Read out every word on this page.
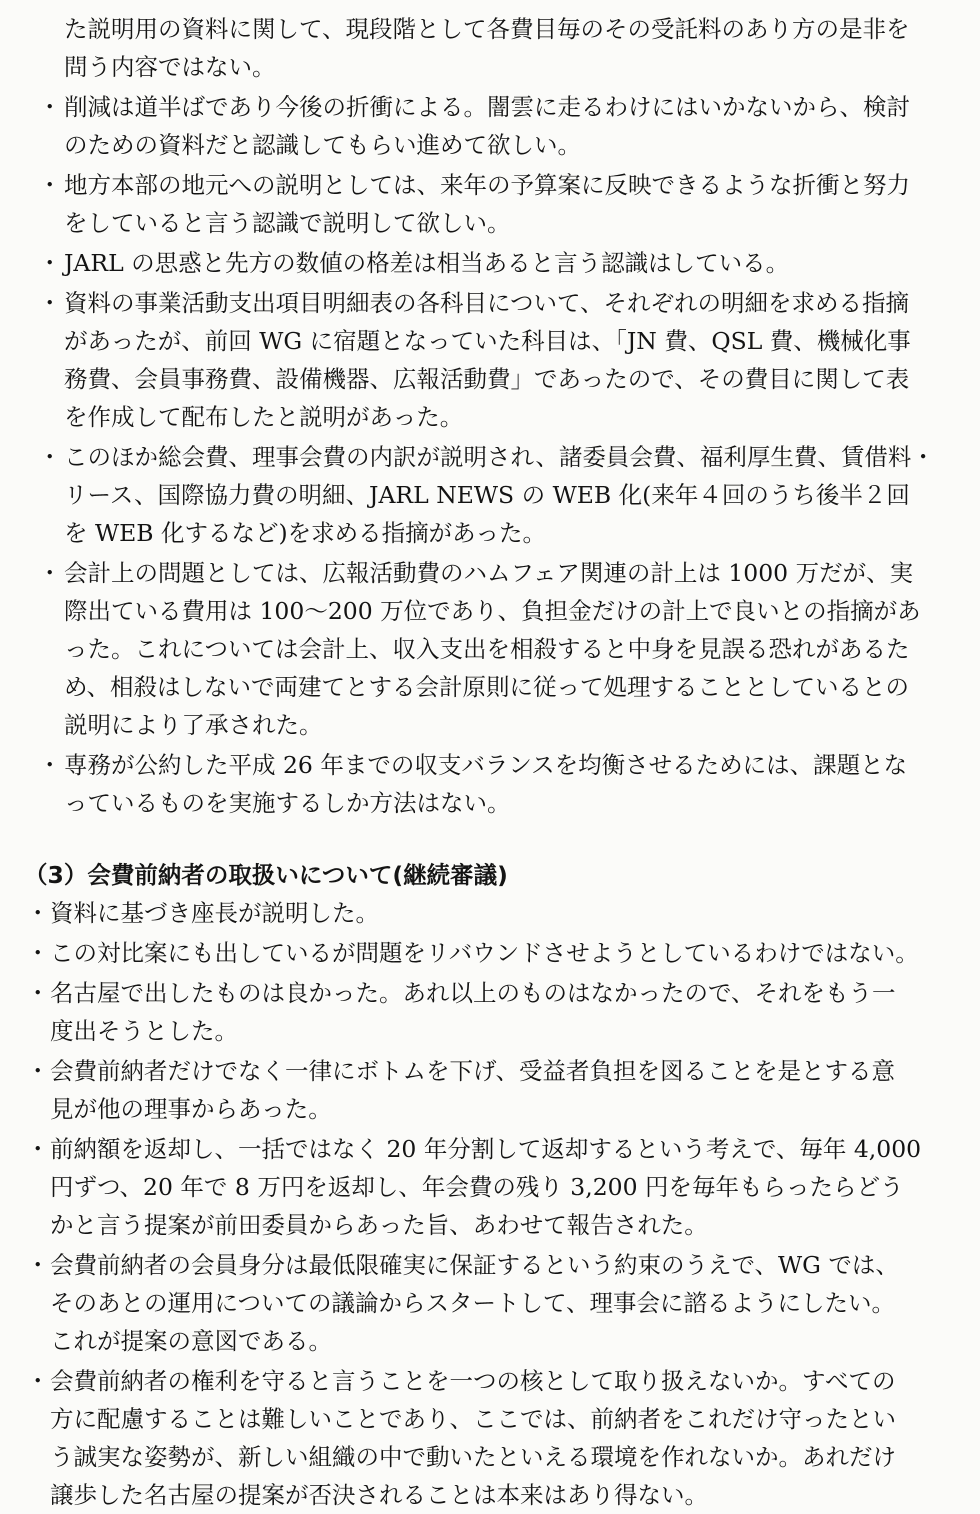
た説明用の資料に関して、現段階として各費目毎のその受託料のあり方の是非を
問う内容ではない。

・ 削減は道半ばであり今後の折衝による。闇雲に走るわけにはいかないから、検討
のための資料だと認識してもらい進めて欲しい。
・ 地方本部の地元への説明としては、来年の予算案に反映できるような折衝と努力
をしていると言う認識で説明して欲しい。
・ JARL の思惑と先方の数値の格差は相当あると言う認識はしている。
・ 資料の事業活動支出項目明細表の各科目について、それぞれの明細を求める指摘
があったが、前回 WG に宿題となっていた科目は、「JN 費、QSL 費、機械化事
務費、会員事務費、設備機器、広報活動費」であったので、その費目に関して表
を作成して配布したと説明があった。
・ このほか総会費、理事会費の内訳が説明され、諸委員会費、福利厚生費、賃借料・
リース、国際協力費の明細、JARL NEWS の WEB 化(来年４回のうち後半２回
を WEB 化するなど)を求める指摘があった。
・ 会計上の問題としては、広報活動費のハムフェア関連の計上は 1000 万だが、実
際出ている費用は 100～200 万位であり、負担金だけの計上で良いとの指摘があ
った。これについては会計上、収入支出を相殺すると中身を見誤る恐れがあるた
め、相殺はしないで両建てとする会計原則に従って処理することとしているとの
説明により了承された。
・ 専務が公約した平成 26 年までの収支バランスを均衡させるためには、課題とな
っているものを実施するしか方法はない。
（3）会費前納者の取扱いについて(継続審議)
・ 資料に基づき座長が説明した。
・ この対比案にも出しているが問題をリバウンドさせようとしているわけではない。
・ 名古屋で出したものは良かった。あれ以上のものはなかったので、それをもう一
度出そうとした。
・ 会費前納者だけでなく一律にボトムを下げ、受益者負担を図ることを是とする意
見が他の理事からあった。
・ 前納額を返却し、一括ではなく 20 年分割して返却するという考えで、毎年 4,000
円ずつ、20 年で 8 万円を返却し、年会費の残り 3,200 円を毎年もらったらどう
かと言う提案が前田委員からあった旨、あわせて報告された。
・ 会費前納者の会員身分は最低限確実に保証するという約束のうえで、WG では、
そのあとの運用についての議論からスタートして、理事会に諮るようにしたい。
これが提案の意図である。
・ 会費前納者の権利を守ると言うことを一つの核として取り扱えないか。すべての
方に配慮することは難しいことであり、ここでは、前納者をこれだけ守ったとい
う誠実な姿勢が、新しい組織の中で動いたといえる環境を作れないか。あれだけ
譲歩した名古屋の提案が否決されることは本来はあり得ない。
